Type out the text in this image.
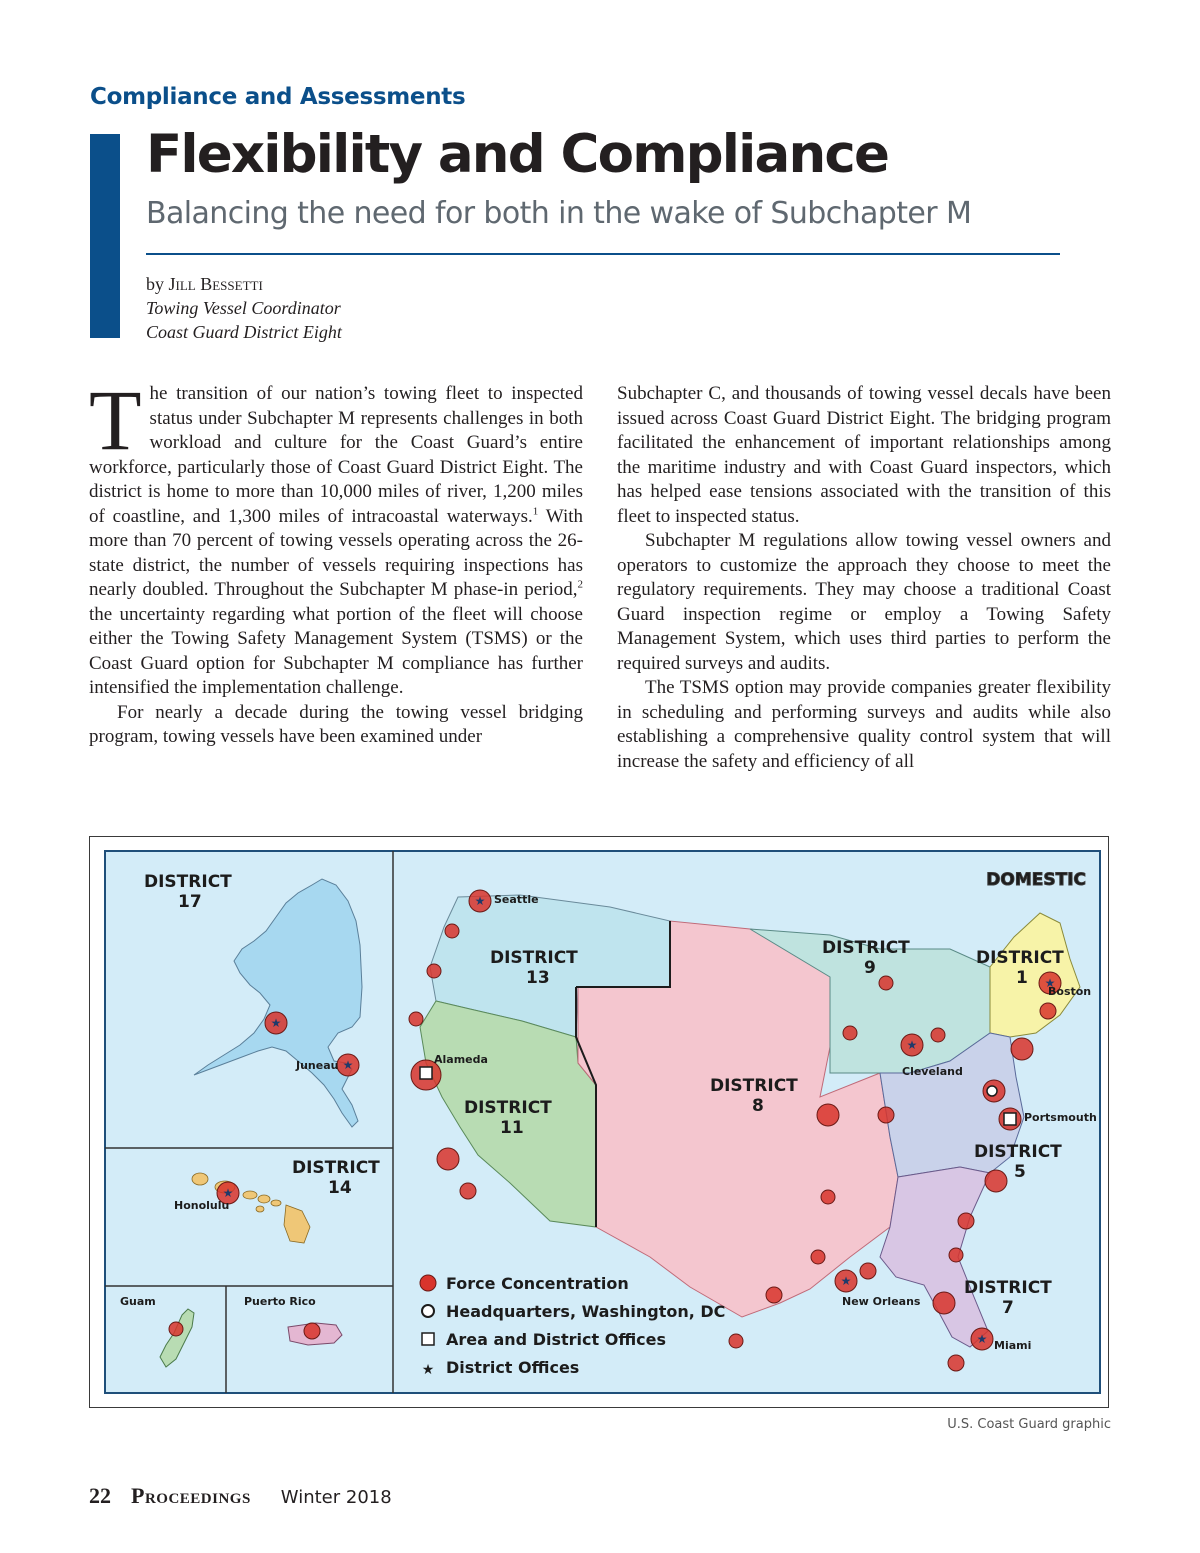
Compliance and Assessments
Flexibility and Compliance
Balancing the need for both in the wake of Subchapter M
by Jill Bessetti
Towing Vessel Coordinator
Coast Guard District Eight

The transition of our nation’s towing fleet to inspected status under Subchapter M represents challenges in both workload and culture for the Coast Guard’s entire workforce, particularly those of Coast Guard District Eight. The district is home to more than 10,000 miles of river, 1,200 miles of coastline, and 1,300 miles of intracoastal waterways.$^1$ With more than 70 percent of towing vessels operating across the 26-state district, the number of vessels requiring inspections has nearly doubled. Throughout the Subchapter M phase-in period,$^2$ the uncertainty regarding what portion of the fleet will choose either the Towing Safety Management System (TSMS) or the Coast Guard option for Subchapter M compliance has further intensified the implementation challenge.

For nearly a decade during the towing vessel bridging program, towing vessels have been examined under

Subchapter C, and thousands of towing vessel decals have been issued across Coast Guard District Eight. The bridging program facilitated the enhancement of important relationships among the maritime industry and with Coast Guard inspectors, which has helped ease tensions associated with the transition of this fleet to inspected status.

Subchapter M regulations allow towing vessel owners and operators to customize the approach they choose to meet the regulatory requirements. They may choose a traditional Coast Guard inspection regime or employ a Towing Safety Management System, which uses third parties to perform the required surveys and audits.

The TSMS option may provide companies greater flexibility in scheduling and performing surveys and audits while also establishing a comprehensive quality control system that will increase the safety and efficiency of all

DOMESTIC
DISTRICT
17
DISTRICT
14
DISTRICT
13
DISTRICT
11
DISTRICT
8
DISTRICT
9	DISTRICT
1
DISTRICT
5
DISTRICT
7
★
★
★
★
★
★
★
★
Seattle
Juneau	Alameda
Honolulu
Guam	Puerto Rico
Cleveland
Boston
Portsmouth
New Orleans
Miami
Force Concentration
Headquarters, Washington, DC
Area and District Offices
★ District Offices
U.S. Coast Guard graphic
22 Proceedings Winter 2018
